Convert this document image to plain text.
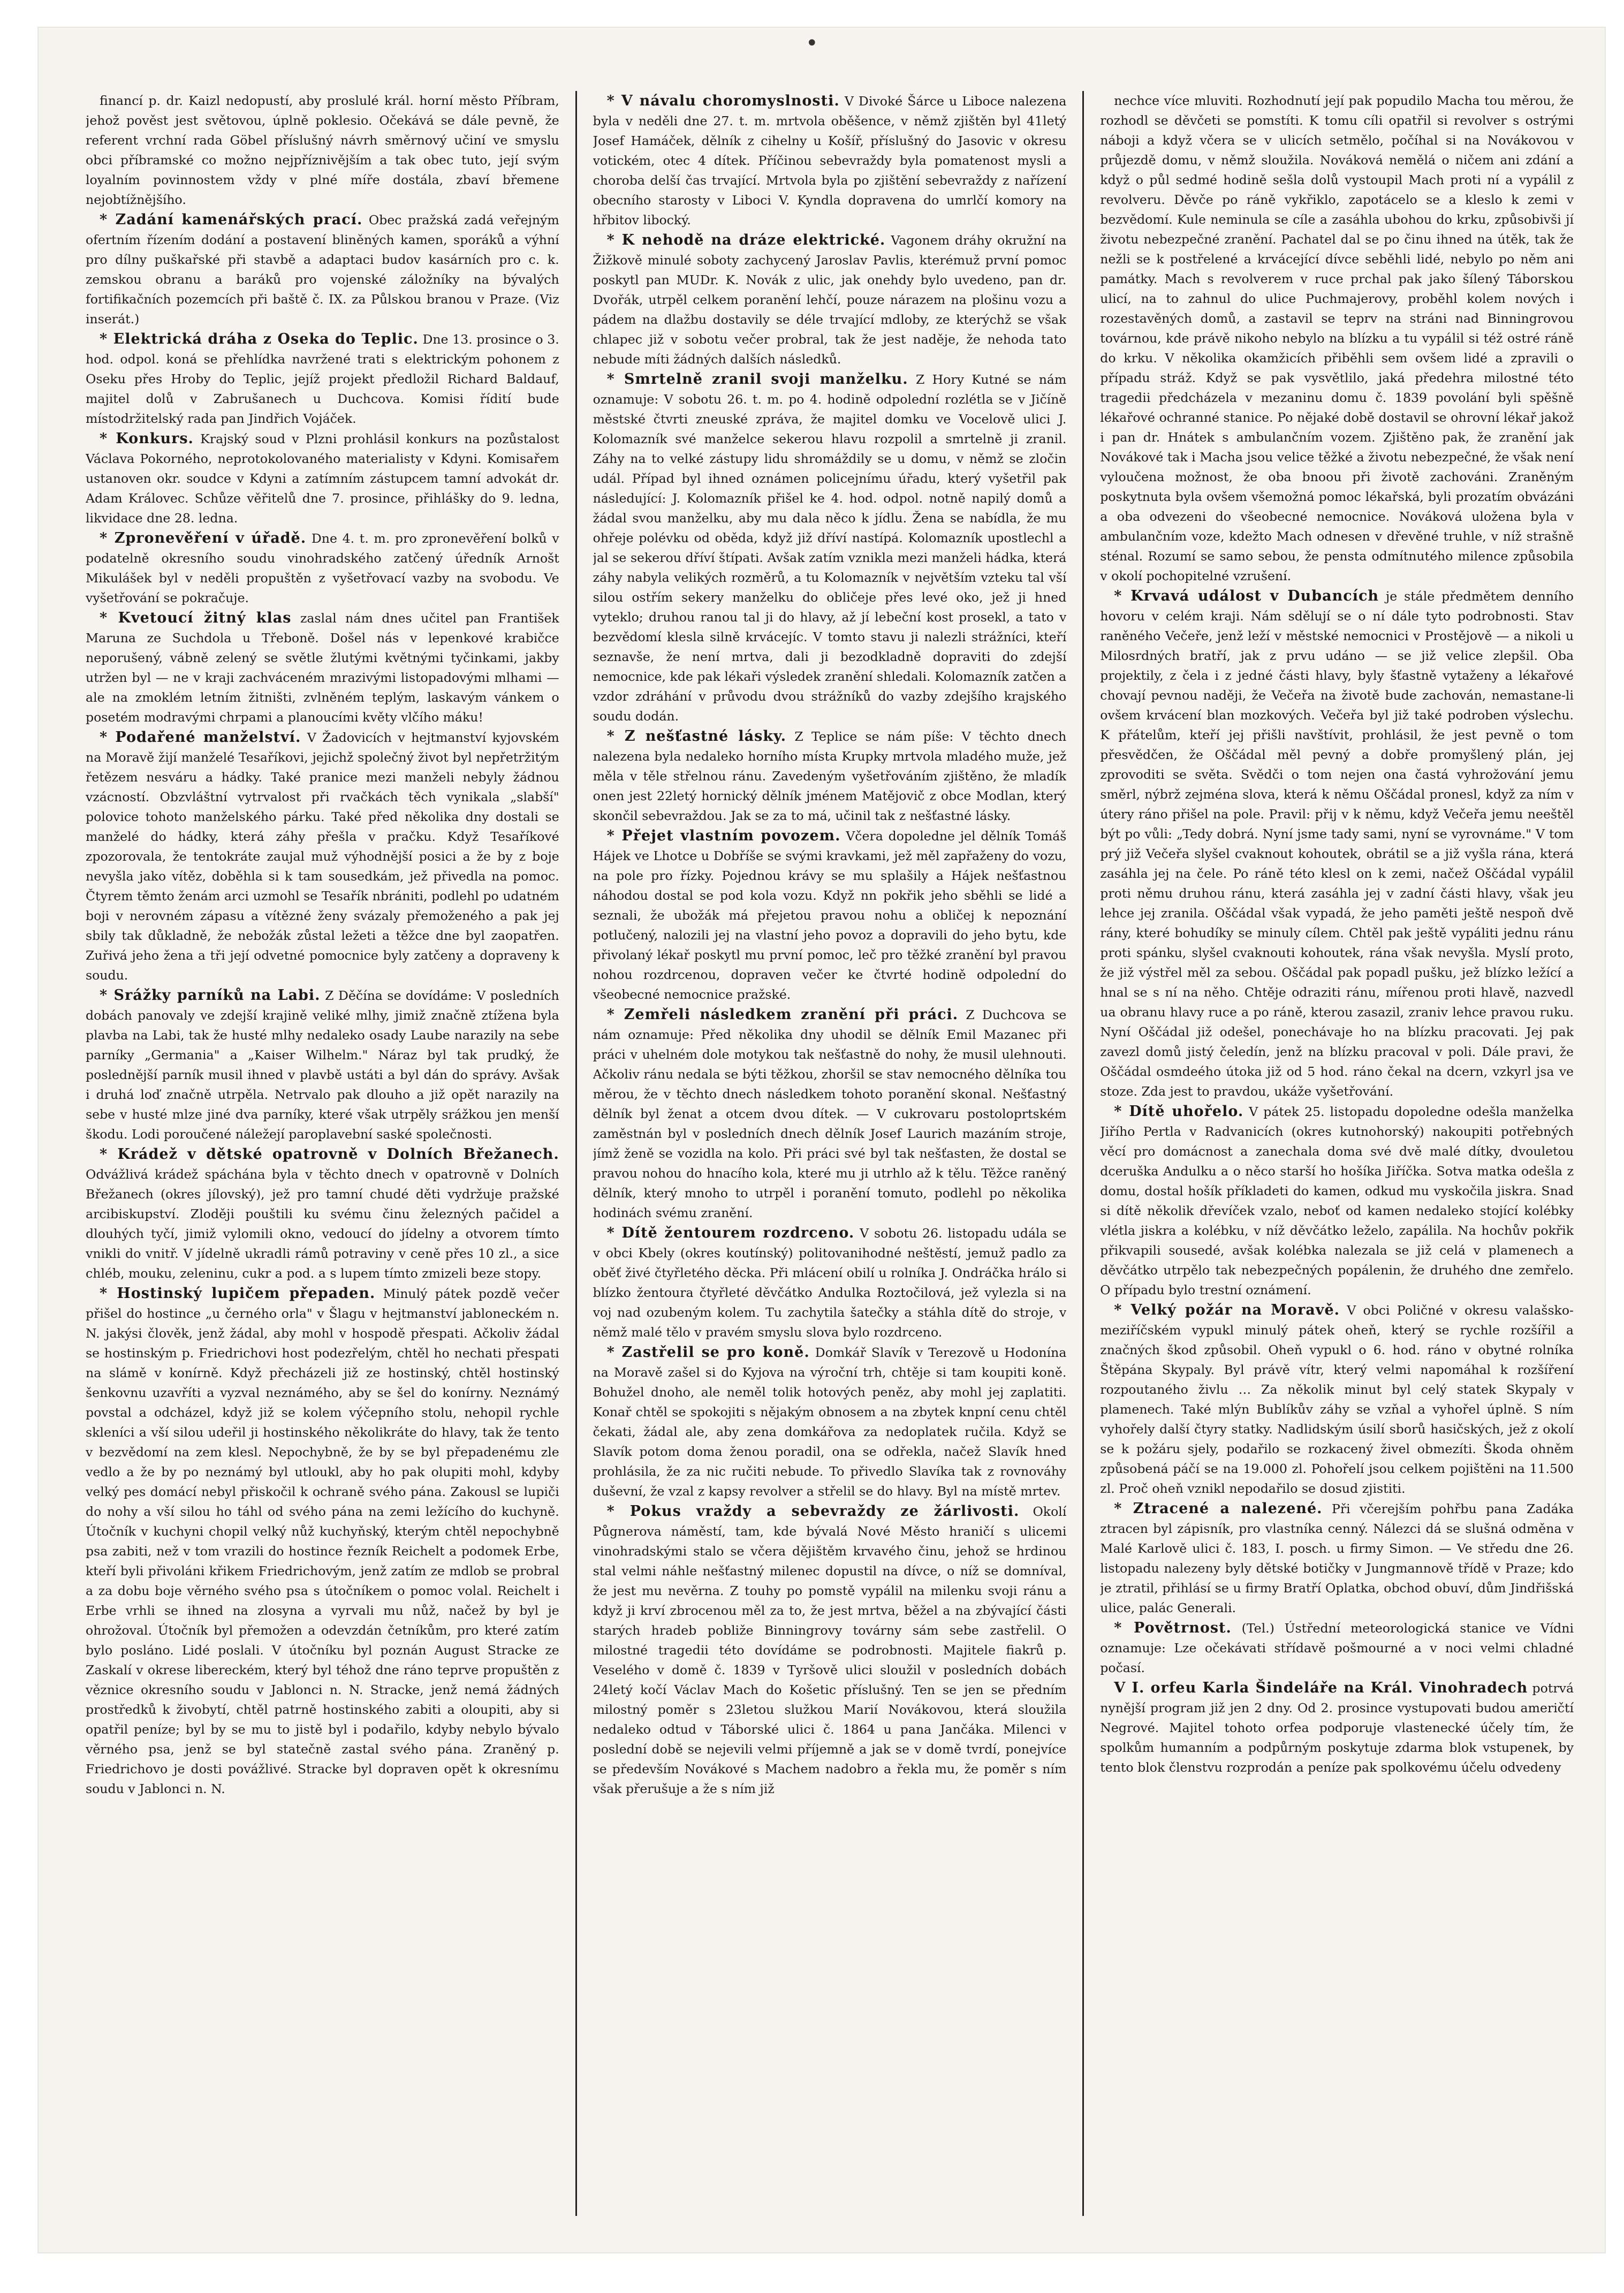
•

financí p. dr. Kaizl nedopustí, aby proslulé král. horní město Příbram, jehož pověst jest světovou, úplně poklesio. Očekává se dále pevně, že referent vrchní rada Göbel příslušný návrh směrnový učiní ve smyslu obci příbramské co možno nejpříznivějším a tak obec tuto, její svým loyalním povinnostem vždy v plné míře dostála, zbaví břemene nejobtížnějšího.

* Zadání kamenářských prací. Obec pražská zadá veřejným ofertním řízením dodání a postavení bliněných kamen, sporáků a výhní pro dílny puškařské při stavbě a adaptaci budov kasárních pro c. k. zemskou obranu a baráků pro vojenské záložníky na bývalých fortifikačních pozemcích při baště č. IX. za Půlskou branou v Praze. (Viz inserát.)

* Elektrická dráha z Oseka do Teplic. Dne 13. prosince o 3. hod. odpol. koná se přehlídka navržené trati s elektrickým pohonem z Oseku přes Hroby do Teplic, jejíž projekt předložil Richard Baldauf, majitel dolů v Zabrušanech u Duchcova. Komisi řídití bude místodržitelský rada pan Jindřich Vojáček.

* Konkurs. Krajský soud v Plzni prohlásil konkurs na pozůstalost Václava Pokorného, neprotokolovaného materialisty v Kdyni. Komisařem ustanoven okr. soudce v Kdyni a zatímním zástupcem tamní advokát dr. Adam Královec. Schůze věřitelů dne 7. prosince, přihlášky do 9. ledna, likvidace dne 28. ledna.

* Zpronevěření v úřadě. Dne 4. t. m. pro zpronevěření bolků v podatelně okresního soudu vinohradského zatčený úředník Arnošt Mikulášek byl v neděli propuštěn z vyšetřovací vazby na svobodu. Ve vyšetřování se pokračuje.

* Kvetoucí žitný klas zaslal nám dnes učitel pan František Maruna ze Suchdola u Třeboně. Došel nás v lepenkové krabičce neporušený, vábně zelený se světle žlutými květnými tyčinkami, jakby utržen byl — ne v kraji zachváceném mrazivými listopadovými mlhami — ale na zmoklém letním žitništi, zvlněném teplým, laskavým vánkem o posetém modravými chrpami a planoucími květy vlčího máku!

* Podařené manželství. V Žadovicích v hejtmanství kyjovském na Moravě žijí manželé Tesaříkovi, jejichž společný život byl nepřetržitým řetězem nesváru a hádky. Také pranice mezi manželi nebyly žádnou vzácností. Obzvláštní vytrvalost při rvačkách těch vynikala „slabší" polovice tohoto manželského párku. Také před několika dny dostali se manželé do hádky, která záhy přešla v pračku. Když Tesaříkové zpozorovala, že tentokráte zaujal muž výhodnější posici a že by z boje nevyšla jako vítěz, doběhla si k tam sousedkám, jež přivedla na pomoc. Čtyrem těmto ženám arci uzmohl se Tesařík nbrániti, podlehl po udatném boji v nerovném zápasu a vítězné ženy svázaly přemoženého a pak jej sbily tak důkladně, že nebožák zůstal ležeti a těžce dne byl zaopatřen. Zuřivá jeho žena a tři její odvetné pomocnice byly zatčeny a dopraveny k soudu.

* Srážky parníků na Labi. Z Děčína se dovídáme: V posledních dobách panovaly ve zdejší krajině veliké mlhy, jimiž značně ztížena byla plavba na Labi, tak že husté mlhy nedaleko osady Laube narazily na sebe parníky „Germania" a „Kaiser Wilhelm." Náraz byl tak prudký, že poslednější parník musil ihned v plavbě ustáti a byl dán do správy. Avšak i druhá loď značně utrpěla. Netrvalo pak dlouho a již opět narazily na sebe v husté mlze jiné dva parníky, které však utrpěly srážkou jen menší škodu. Lodi poroučené náležejí paroplavební saské společnosti.

* Krádež v dětské opatrovně v Dolních Břežanech. Odvážlivá krádež spáchána byla v těchto dnech v opatrovně v Dolních Břežanech (okres jílovský), jež pro tamní chudé děti vydržuje pražské arcibiskupství. Zloději pouštili ku svému činu železných pačidel a dlouhých tyčí, jimiž vylomili okno, vedoucí do jídelny a otvorem tímto vnikli do vnitř. V jídelně ukradli rámů potraviny v ceně přes 10 zl., a sice chléb, mouku, zeleninu, cukr a pod. a s lupem tímto zmizeli beze stopy.

* Hostinský lupičem přepaden. Minulý pátek pozdě večer přišel do hostince „u černého orla" v Šlagu v hejtmanství jabloneckém n. N. jakýsi člověk, jenž žádal, aby mohl v hospodě přespati. Ačkoliv žádal se hostinským p. Friedrichovi host podezřelým, chtěl ho nechati přespati na slámě v konírně. Když přecházeli již ze hostinský, chtěl hostinský šenkovnu uzavříti a vyzval neznámého, aby se šel do konírny. Neznámý povstal a odcházel, když již se kolem výčepního stolu, nehopil rychle skleníci a vší silou udeřil ji hostinského několikráte do hlavy, tak že tento v bezvědomí na zem klesl. Nepochybně, že by se byl přepadenému zle vedlo a že by po neznámý byl utloukl, aby ho pak olupiti mohl, kdyby velký pes domácí nebyl přiskočil k ochraně svého pána. Zakousl se lupiči do nohy a vší silou ho táhl od svého pána na zemi ležícího do kuchyně. Útočník v kuchyni chopil velký nůž kuchyňský, kterým chtěl nepochybně psa zabiti, než v tom vrazili do hostince řezník Reichelt a podomek Erbe, kteří byli přivoláni křikem Friedrichovým, jenž zatím ze mdlob se probral a za dobu boje věrného svého psa s útočníkem o pomoc volal. Reichelt i Erbe vrhli se ihned na zlosyna a vyrvali mu nůž, načež by byl je ohrožoval. Útočník byl přemožen a odevzdán četníkům, pro které zatím bylo posláno. Lidé poslali. V útočníku byl poznán August Stracke ze Zaskalí v okrese libereckém, který byl téhož dne ráno teprve propuštěn z věznice okresního soudu v Jablonci n. N. Stracke, jenž nemá žádných prostředků k živobytí, chtěl patrně hostinského zabiti a oloupiti, aby si opatřil peníze; byl by se mu to jistě byl i podařilo, kdyby nebylo bývalo věrného psa, jenž se byl statečně zastal svého pána. Zraněný p. Friedrichovo je dosti povážlivé. Stracke byl dopraven opět k okresnímu soudu v Jablonci n. N.

* V návalu choromyslnosti. V Divoké Šárce u Liboce nalezena byla v neděli dne 27. t. m. mrtvola oběšence, v němž zjištěn byl 41letý Josef Hamáček, dělník z cihelny u Košíř, příslušný do Jasovic v okresu votickém, otec 4 dítek. Příčinou sebevraždy byla pomatenost mysli a choroba delší čas trvající. Mrtvola byla po zjištění sebevraždy z nařízení obecního starosty v Liboci V. Kyndla dopravena do umrlčí komory na hřbitov libocký.

* K nehodě na dráze elektrické. Vagonem dráhy okružní na Žižkově minulé soboty zachycený Jaroslav Pavlis, kterémuž první pomoc poskytl pan MUDr. K. Novák z ulic, jak onehdy bylo uvedeno, pan dr. Dvořák, utrpěl celkem poranění lehčí, pouze nárazem na plošinu vozu a pádem na dlažbu dostavily se déle trvající mdloby, ze kterýchž se však chlapec již v sobotu večer probral, tak že jest naděje, že nehoda tato nebude míti žádných dalších následků.

* Smrtelně zranil svoji manželku. Z Hory Kutné se nám oznamuje: V sobotu 26. t. m. po 4. hodině odpolední rozlétla se v Jičíně městské čtvrti zneuské zpráva, že majitel domku ve Vocelově ulici J. Kolomazník své manželce sekerou hlavu rozpolil a smrtelně ji zranil. Záhy na to velké zástupy lidu shromáždily se u domu, v němž se zločin udál. Případ byl ihned oznámen policejnímu úřadu, který vyšetřil pak následující: J. Kolomazník přišel ke 4. hod. odpol. notně napilý domů a žádal svou manželku, aby mu dala něco k jídlu. Žena se nabídla, že mu ohřeje polévku od oběda, když již dříví nastípá. Kolomazník upostlechl a jal se sekerou dříví štípati. Avšak zatím vznikla mezi manželi hádka, která záhy nabyla velikých rozměrů, a tu Kolomazník v největším vzteku tal vší silou ostřím sekery manželku do obličeje přes levé oko, jež ji hned vyteklo; druhou ranou tal ji do hlavy, až jí lebeční kost prosekl, a tato v bezvědomí klesla silně krvácejíc. V tomto stavu ji nalezli strážníci, kteří seznavše, že není mrtva, dali ji bezodkladně dopraviti do zdejší nemocnice, kde pak lékaři výsledek zranění shledali. Kolomazník zatčen a vzdor zdráhání v průvodu dvou strážníků do vazby zdejšího krajského soudu dodán.

* Z nešťastné lásky. Z Teplice se nám píše: V těchto dnech nalezena byla nedaleko horního místa Krupky mrtvola mladého muže, jež měla v těle střelnou ránu. Zavedeným vyšetřováním zjištěno, že mladík onen jest 22letý hornický dělník jménem Matějovič z obce Modlan, který skončil sebevraždou. Jak se za to má, učinil tak z nešťastné lásky.

* Přejet vlastním povozem. Včera dopoledne jel dělník Tomáš Hájek ve Lhotce u Dobříše se svými kravkami, jež měl zapřaženy do vozu, na pole pro řízky. Pojednou krávy se mu splašily a Hájek nešťastnou náhodou dostal se pod kola vozu. Když nn pokřik jeho sběhli se lidé a seznali, že ubožák má přejetou pravou nohu a obličej k nepoznání potlučený, nalozili jej na vlastní jeho povoz a dopravili do jeho bytu, kde přivolaný lékař poskytl mu první pomoc, leč pro těžké zranění byl pravou nohou rozdrcenou, dopraven večer ke čtvrté hodině odpolední do všeobecné nemocnice pražské.

* Zemřeli následkem zranění při práci. Z Duchcova se nám oznamuje: Před několika dny uhodil se dělník Emil Mazanec při práci v uhelném dole motykou tak nešťastně do nohy, že musil ulehnouti. Ačkoliv ránu nedala se býti těžkou, zhoršil se stav nemocného dělníka tou měrou, že v těchto dnech následkem tohoto poranění skonal. Nešťastný dělník byl ženat a otcem dvou dítek. — V cukrovaru postoloprtském zaměstnán byl v posledních dnech dělník Josef Laurich mazáním stroje, jímž ženě se vozidla na kolo. Při práci své byl tak nešťasten, že dostal se pravou nohou do hnacího kola, které mu ji utrhlo až k tělu. Těžce raněný dělník, který mnoho to utrpěl i poranění tomuto, podlehl po několika hodinách svému zranění.

* Dítě žentourem rozdrceno. V sobotu 26. listopadu udála se v obci Kbely (okres koutínský) politovanihodné neštěstí, jemuž padlo za oběť živé čtyřletého děcka. Při mlácení obilí u rolníka J. Ondráčka hrálo si blízko žentoura čtyřleté děvčátko Andulka Roztočilová, jež vylezla si na voj nad ozubeným kolem. Tu zachytila šatečky a stáhla dítě do stroje, v němž malé tělo v pravém smyslu slova bylo rozdrceno.

* Zastřelil se pro koně. Domkář Slavík v Terezově u Hodonína na Moravě zašel si do Kyjova na výroční trh, chtěje si tam koupiti koně. Bohužel dnoho, ale neměl tolik hotových peněz, aby mohl jej zaplatiti. Konař chtěl se spokojiti s nějakým obnosem a na zbytek knpní cenu chtěl čekati, žádal ale, aby zena domkářova za nedoplatek ručila. Když se Slavík potom doma ženou poradil, ona se odřekla, načež Slavík hned prohlásila, že za nic ručiti nebude. To přivedlo Slavíka tak z rovnováhy duševní, že vzal z kapsy revolver a střelil se do hlavy. Byl na místě mrtev.

* Pokus vraždy a sebevraždy ze žárlivosti. Okolí Půgnerova náměstí, tam, kde bývalá Nové Město hraničí s ulicemi vinohradskými stalo se včera dějištěm krvavého činu, jehož se hrdinou stal velmi náhle nešťastný milenec dopustil na dívce, o níž se domníval, že jest mu nevěrna. Z touhy po pomstě vypálil na milenku svoji ránu a když ji krví zbrocenou měl za to, že jest mrtva, běžel a na zbývající části starých hradeb pobliže Binningrovy továrny sám sebe zastřelil. O milostné tragedii této dovídáme se podrobnosti. Majitele fiakrů p. Veselého v domě č. 1839 v Tyršově ulici sloužil v posledních dobách 24letý kočí Václav Mach do Košetic příslušný. Ten se jen se předním milostný poměr s 23letou služkou Marií Novákovou, která sloužila nedaleko odtud v Táborské ulici č. 1864 u pana Jančáka. Milenci v poslední době se nejevili velmi příjemně a jak se v domě tvrdí, ponejvíce se především Novákové s Machem nadobro a řekla mu, že poměr s ním však přerušuje a že s ním již

nechce více mluviti. Rozhodnutí její pak popudilo Macha tou měrou, že rozhodl se děvčeti se pomstíti. K tomu cíli opatřil si revolver s ostrými náboji a když včera se v ulicích setmělo, počíhal si na Novákovou v průjezdě domu, v němž sloužila. Nováková nemělá o ničem ani zdání a když o půl sedmé hodině sešla dolů vystoupil Mach proti ní a vypálil z revolveru. Děvče po ráně vykřiklo, zapotácelo se a kleslo k zemi v bezvědomí. Kule neminula se cíle a zasáhla ubohou do krku, způsobivši jí životu nebezpečné zranění. Pachatel dal se po činu ihned na útěk, tak že nežli se k postřelené a krvácející dívce seběhli lidé, nebylo po něm ani památky. Mach s revolverem v ruce prchal pak jako šílený Táborskou ulicí, na to zahnul do ulice Puchmajerovy, proběhl kolem nových i rozestavěných domů, a zastavil se teprv na stráni nad Binningrovou továrnou, kde právě nikoho nebylo na blízku a tu vypálil si též ostré ráně do krku. V několika okamžicích přiběhli sem ovšem lidé a zpravili o případu stráž. Když se pak vysvětlilo, jaká předehra milostné této tragedii předcházela v mezaninu domu č. 1839 povolání byli spěšně lékařové ochranné stanice. Po nějaké době dostavil se ohrovní lékař jakož i pan dr. Hnátek s ambulančním vozem. Zjištěno pak, že zranění jak Novákové tak i Macha jsou velice těžké a životu nebezpečné, že však není vyloučena možnost, že oba bnoou při životě zachováni. Zraněným poskytnuta byla ovšem všemožná pomoc lékařská, byli prozatím obvázáni a oba odvezeni do všeobecné nemocnice. Nováková uložena byla v ambulančním voze, kdežto Mach odnesen v dřevěné truhle, v níž strašně sténal. Rozumí se samo sebou, že pensta odmítnutého milence způsobila v okolí pochopitelné vzrušení.

* Krvavá událost v Dubancích je stále předmětem denního hovoru v celém kraji. Nám sdělují se o ní dále tyto podrobnosti. Stav raněného Večeře, jenž leží v městské nemocnici v Prostějově — a nikoli u Milosrdných bratří, jak z prvu udáno — se již velice zlepšil. Oba projektily, z čela i z jedné části hlavy, byly šťastně vytaženy a lékařové chovají pevnou naději, že Večeřa na životě bude zachován, nemastane-li ovšem krvácení blan mozkových. Večeřa byl již také podroben výslechu. K přátelům, kteří jej přišli navštívit, prohlásil, že jest pevně o tom přesvědčen, že Oščádal měl pevný a dobře promyšlený plán, jej zprovoditi se světa. Svědči o tom nejen ona častá vyhrožování jemu směrl, nýbrž zejména slova, která k němu Oščádal pronesl, když za ním v útery ráno přišel na pole. Pravil: přij v k němu, když Večeřa jemu neeštěl být po vůli: „Tedy dobrá. Nyní jsme tady sami, nyní se vyrovnáme." V tom prý již Večeřa slyšel cvaknout kohoutek, obrátil se a již vyšla rána, která zasáhla jej na čele. Po ráně této klesl on k zemi, načež Oščádal vypálil proti němu druhou ránu, která zasáhla jej v zadní části hlavy, však jeu lehce jej zranila. Oščádal však vypadá, že jeho paměti ještě nespoň dvě rány, které bohudíky se minuly cílem. Chtěl pak ještě vypáliti jednu ránu proti spánku, slyšel cvaknouti kohoutek, rána však nevyšla. Myslí proto, že již výstřel měl za sebou. Oščádal pak popadl pušku, jež blízko ležící a hnal se s ní na něho. Chtěje odraziti ránu, mířenou proti hlavě, nazvedl ua obranu hlavy ruce a po ráně, kterou zasazil, zraniv lehce pravou ruku. Nyní Oščádal již odešel, ponechávaje ho na blízku pracovati. Jej pak zavezl domů jistý čeledín, jenž na blízku pracoval v poli. Dále pravi, že Oščádal osmdeého útoka již od 5 hod. ráno čekal na dcern, vzkyrl jsa ve stoze. Zda jest to pravdou, ukáže vyšetřování.

* Dítě uhořelo. V pátek 25. listopadu dopoledne odešla manželka Jiřího Pertla v Radvanicích (okres kutnohorský) nakoupiti potřebných věcí pro domácnost a zanechala doma své dvě malé dítky, dvouletou dceruška Andulku a o něco starší ho hošíka Jiříčka. Sotva matka odešla z domu, dostal hošík příkladeti do kamen, odkud mu vyskočila jiskra. Snad si dítě několik dřevíček vzalo, neboť od kamen nedaleko stojící kolébky vlétla jiskra a kolébku, v níž děvčátko leželo, zapálila. Na hochův pokřik přikvapili sousedé, avšak kolébka nalezala se již celá v plamenech a děvčátko utrpělo tak nebezpečných popálenin, že druhého dne zemřelo. O případu bylo trestní oznámení.

* Velký požár na Moravě. V obci Poličné v okresu valašsko-meziříčském vypukl minulý pátek oheň, který se rychle rozšířil a značných škod způsobil. Oheň vypukl o 6. hod. ráno v obytné rolníka Štěpána Skypaly. Byl právě vítr, který velmi napomáhal k rozšíření rozpoutaného živlu … Za několik minut byl celý statek Skypaly v plamenech. Také mlýn Bublíkův záhy se vzňal a vyhořel úplně. S ním vyhořely další čtyry statky. Nadlidským úsilí sborů hasičských, jež z okolí se k požáru sjely, podařilo se rozkacený živel obmezíti. Škoda ohněm způsobená páčí se na 19.000 zl. Pohořelí jsou celkem pojištěni na 11.500 zl. Proč oheň vznikl nepodařilo se dosud zjistiti.

* Ztracené a nalezené. Při včerejším pohřbu pana Zadáka ztracen byl zápisník, pro vlastníka cenný. Nálezci dá se slušná odměna v Malé Karlově ulici č. 183, I. posch. u firmy Simon. — Ve středu dne 26. listopadu nalezeny byly dětské botičky v Jungmannově třídě v Praze; kdo je ztratil, přihlásí se u firmy Bratří Oplatka, obchod obuví, dům Jindřišská ulice, palác Generali.

* Povětrnost. (Tel.) Ústřední meteorologická stanice ve Vídni oznamuje: Lze očekávati střídavě pošmourné a v noci velmi chladné počasí.

V I. orfeu Karla Šindeláře na Král. Vinohradech potrvá nynější program již jen 2 dny. Od 2. prosince vystupovati budou američtí Negrové. Majitel tohoto orfea podporuje vlastenecké účely tím, že spolkům humanním a podpůrným poskytuje zdarma blok vstupenek, by tento blok členstvu rozprodán a peníze pak spolkovému účelu odvedeny
